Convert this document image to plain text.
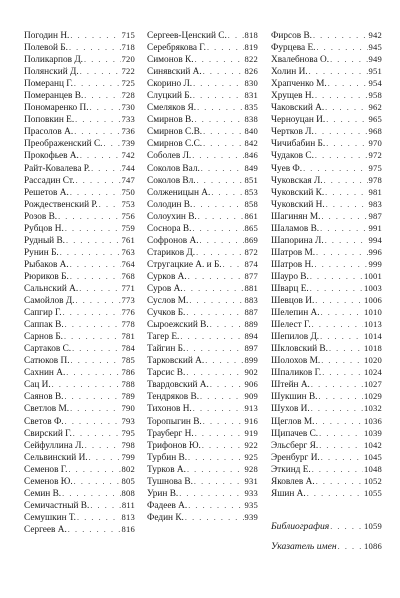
Погодин Н. . . .	715
Полевой Б. . . .	718
Поликарпов Д. . . .	720
Полянский Д. . . .	722
Померанц Г. . . .	725
Померанцев В. . . .	728
Пономаренко П. . . .	730
Поповкин Е. . . .	733
Прасолов А. . . .	736
Преображенский С. . . . 739
Прокофьев А. . . .	742
Райт-Ковалева Р. . . .	744
Рассадин Ст. . . .	747
Решетов А. . . .	750
Рождественский Р. . . .	753
Розов В. . . .	756
Рубцов Н. . . .	759
Рудный В. . . .	761
Рунин Б. . . .	763
Рыбаков А. . . .	764
Рюриков Б. . . .	768
Сальнский А. . . .	771
Самойлов Д. . . .	773
Сапгир Г. . . .	776
Саппак В. . . .	778
Сарнов Б. . . .	781
Сартаков С. . . .	784
Сатюков П. . . .	785
Сахнин А. . . .	786
Сац И. . . .	788
Саянов В. . . .	789
Светлов М. . . .	790
Светов Ф. . . .	793
Свирский Г. . . .	795
Сейфуллина Л. . . .	798
Сельвинский И. . . .	799
Семенов Г. . . .	802
Семенов Ю. . . .	805
Семин В. . . .	808
Семичастный В. . . .	811
Семушкин Т. . . .	813
Сергеев А. . . .	816
Сергеев-Ценский С. . . . 818
Серебрякова Г. . . .	819
Симонов К. . . .	822
Синявский А. . . .	826
Скорино Л. . . .	830
Слуцкий Б. . . .	831
Смеляков Я. . . .	835
Смирнов В. . . .	838
Смирнов С.В. . . .	840
Смирнов С.С. . . .	842
Соболев Л. . . .	846
Соколов Вал. . . .	849
Соколов Вл. . . .	851
Солженицын А. . . .	853
Солодин В. . . .	858
Солоухин В. . . .	861
Соснора В. . . .	865
Софронов А. . . .	869
Стариков Д. . . .	872
Стругацкие А. и Б. . . .	874
Сурков А. . . .	877
Суров А. . . .	881
Суслов М. . . .	883
Сучков Б. . . .	887
Сыроежский В. . . .	889
Тагер Е. . . .	894
Тайгин Б. . . .	897
Тарковский А. . . .	899
Тарсис В. . . .	902
Твардовский А. . . .	906
Тендряков В. . . .	909
Тихонов Н. . . .	913
Торопыгин В. . . .	916
Трауберг Н. . . .	919
Трифонов Ю. . . .	922
Турбин В. . . .	925
Турков А. . . .	928
Тушнова В. . . .	931
Урин В. . . .	933
Фадеев А. . . .	935
Федин К. . . .	939
Фирсов В. . . .	942
Фурцева Е. . . .	945
Хвалебнова О. . . .	949
Холин И. . . .	951
Храпченко М. . . .	954
Хрущев Н. . . .	958
Чаковский А. . . .	962
Черноуцан И. . . .	965
Чертков Л. . . .	968
Чичибабин Б. . . .	970
Чудаков С. . . .	972
Чуев Ф. . . .	975
Чуковская Л. . . .	978
Чуковский К. . . .	981
Чуковский Н. . . .	983
Шагинян М. . . .	987
Шаламов В. . . .	991
Шапорина Л. . . .	994
Шатров М. . . .	996
Шатров Н. . . .	999
Шауро В. . . .	1001
Шварц Е. . . .	1003
Шевцов И. . . .	1006
Шелепин А. . . .	1010
Шелест Г. . . .	1013
Шепилов Д. . . .	1014
Шкловский В. . . .	1018
Шолохов М. . . .	1020
Шпаликов Г. . . .	1024
Штейн А. . . .	1027
Шукшин В. . . .	1029
Шухов И. . . .	1032
Щеглов М. . . .	1036
Щипачев С. . . .	1039
Эльсберг Я. . . .	1042
Эренбург И. . . .	1045
Эткинд Е. . . .	1048
Яковлев А. . . .	1052
Яшин А. . . .	1055
Библиография . . .	1059
Указатель имен . . .	1086
